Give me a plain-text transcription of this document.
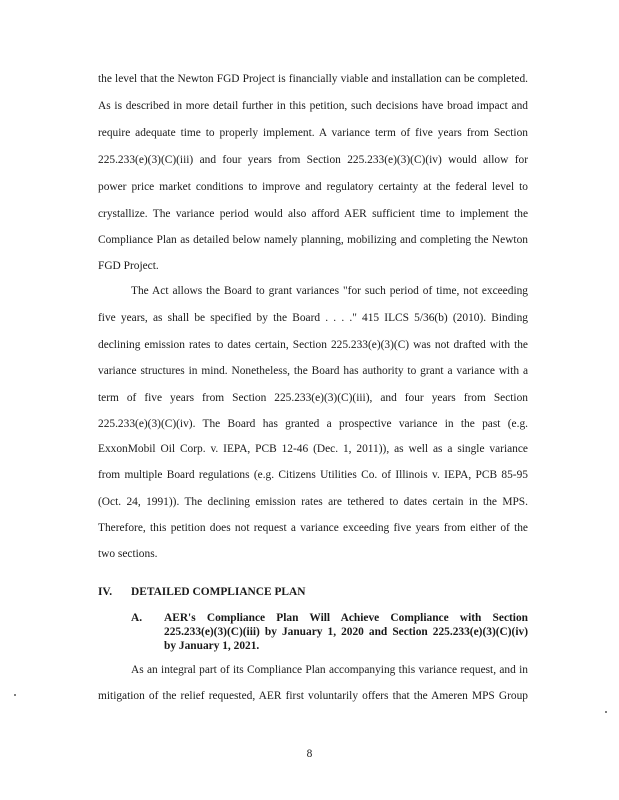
the level that the Newton FGD Project is financially viable and installation can be completed.
As is described in more detail further in this petition, such decisions have broad impact and
require adequate time to properly implement. A variance term of five years from Section
225.233(e)(3)(C)(iii) and four years from Section 225.233(e)(3)(C)(iv) would allow for
power price market conditions to improve and regulatory certainty at the federal level to
crystallize. The variance period would also afford AER sufficient time to implement the
Compliance Plan as detailed below namely planning, mobilizing and completing the Newton
FGD Project.
The Act allows the Board to grant variances "for such period of time, not exceeding
five years, as shall be specified by the Board . . . ." 415 ILCS 5/36(b) (2010). Binding
declining emission rates to dates certain, Section 225.233(e)(3)(C) was not drafted with the
variance structures in mind. Nonetheless, the Board has authority to grant a variance with a
term of five years from Section 225.233(e)(3)(C)(iii), and four years from Section
225.233(e)(3)(C)(iv). The Board has granted a prospective variance in the past (e.g.
ExxonMobil Oil Corp. v. IEPA, PCB 12-46 (Dec. 1, 2011)), as well as a single variance
from multiple Board regulations (e.g. Citizens Utilities Co. of Illinois v. IEPA, PCB 85-95
(Oct. 24, 1991)). The declining emission rates are tethered to dates certain in the MPS.
Therefore, this petition does not request a variance exceeding five years from either of the
two sections.
IV. DETAILED COMPLIANCE PLAN
A. AER's Compliance Plan Will Achieve Compliance with Section
225.233(e)(3)(C)(iii) by January 1, 2020 and Section 225.233(e)(3)(C)(iv)
by January 1, 2021.
As an integral part of its Compliance Plan accompanying this variance request, and in
mitigation of the relief requested, AER first voluntarily offers that the Ameren MPS Group
8
